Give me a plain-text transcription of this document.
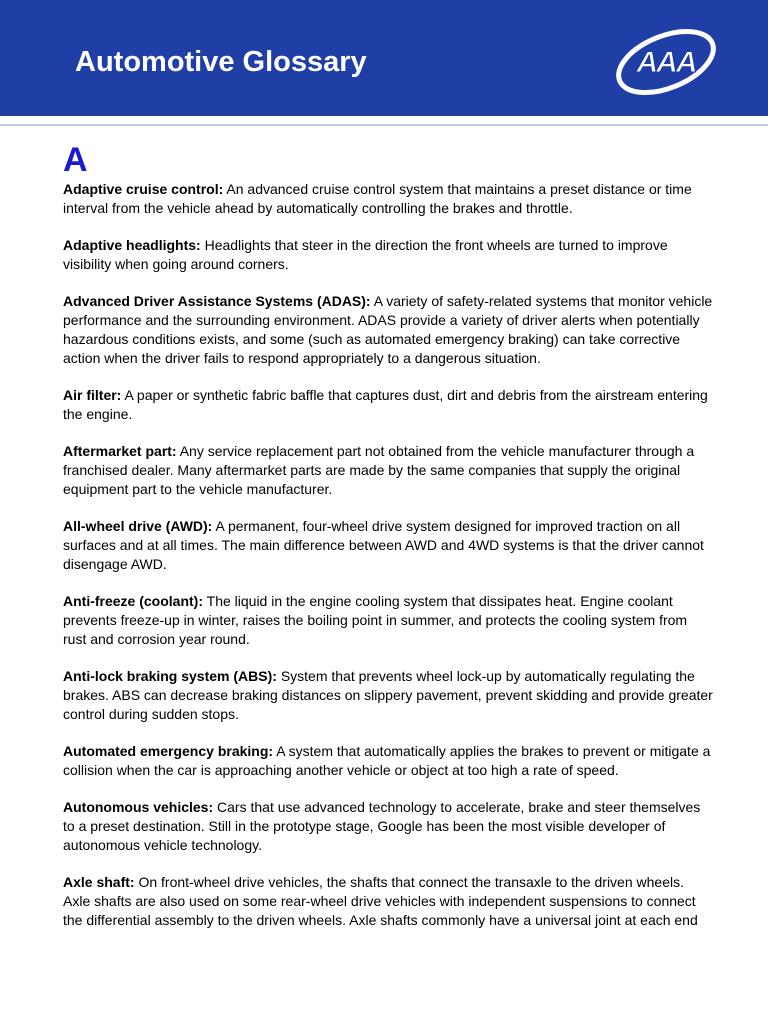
Automotive Glossary	AAA
A

Adaptive cruise control: An advanced cruise control system that maintains a preset distance or time interval from the vehicle ahead by automatically controlling the brakes and throttle.

Adaptive headlights: Headlights that steer in the direction the front wheels are turned to improve visibility when going around corners.

Advanced Driver Assistance Systems (ADAS): A variety of safety-related systems that monitor vehicle performance and the surrounding environment. ADAS provide a variety of driver alerts when potentially hazardous conditions exists, and some (such as automated emergency braking) can take corrective action when the driver fails to respond appropriately to a dangerous situation.

Air filter: A paper or synthetic fabric baffle that captures dust, dirt and debris from the airstream entering the engine.

Aftermarket part: Any service replacement part not obtained from the vehicle manufacturer through a franchised dealer. Many aftermarket parts are made by the same companies that supply the original equipment part to the vehicle manufacturer.

All-wheel drive (AWD): A permanent, four-wheel drive system designed for improved traction on all surfaces and at all times. The main difference between AWD and 4WD systems is that the driver cannot disengage AWD.

Anti-freeze (coolant): The liquid in the engine cooling system that dissipates heat. Engine coolant prevents freeze-up in winter, raises the boiling point in summer, and protects the cooling system from rust and corrosion year round.

Anti-lock braking system (ABS): System that prevents wheel lock-up by automatically regulating the brakes. ABS can decrease braking distances on slippery pavement, prevent skidding and provide greater control during sudden stops.

Automated emergency braking: A system that automatically applies the brakes to prevent or mitigate a collision when the car is approaching another vehicle or object at too high a rate of speed.

Autonomous vehicles: Cars that use advanced technology to accelerate, brake and steer themselves to a preset destination. Still in the prototype stage, Google has been the most visible developer of autonomous vehicle technology.

Axle shaft: On front-wheel drive vehicles, the shafts that connect the transaxle to the driven wheels. Axle shafts are also used on some rear-wheel drive vehicles with independent suspensions to connect the differential assembly to the driven wheels. Axle shafts commonly have a universal joint at each end
